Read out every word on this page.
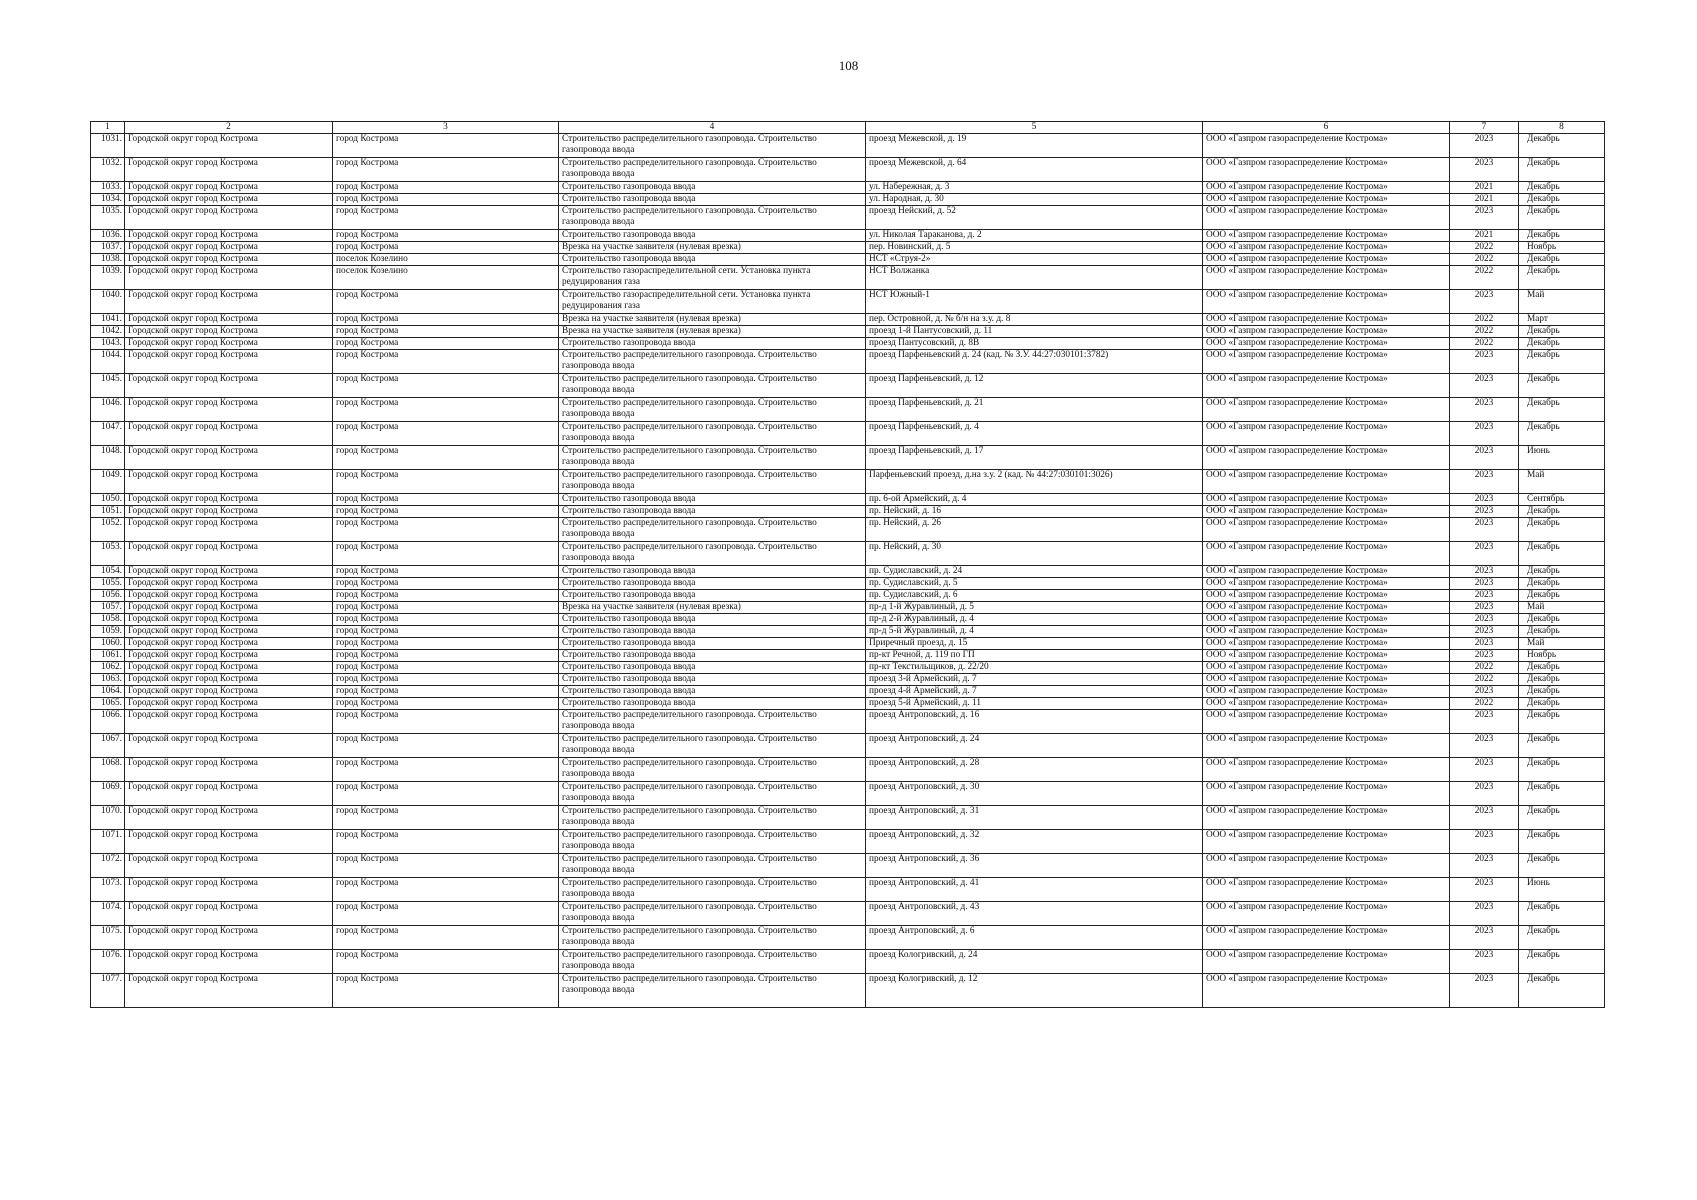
108
1	2	3	4	5	6	7	8
1031.	Городской округ город Кострома	город Кострома	Строительство распределительного газопровода. Строительство газопровода ввода	проезд Межевской, д. 19	ООО «Газпром газораспределение Кострома»	2023	Декабрь
1032.	Городской округ город Кострома	город Кострома	Строительство распределительного газопровода. Строительство газопровода ввода	проезд Межевской, д. 64	ООО «Газпром газораспределение Кострома»	2023	Декабрь
1033.	Городской округ город Кострома	город Кострома	Строительство газопровода ввода	ул. Набережная, д. 3	ООО «Газпром газораспределение Кострома»	2021	Декабрь
1034.	Городской округ город Кострома	город Кострома	Строительство газопровода ввода	ул. Народная, д. 30	ООО «Газпром газораспределение Кострома»	2021	Декабрь
1035.	Городской округ город Кострома	город Кострома	Строительство распределительного газопровода. Строительство газопровода ввода	проезд Нейский, д. 52	ООО «Газпром газораспределение Кострома»	2023	Декабрь
1036.	Городской округ город Кострома	город Кострома	Строительство газопровода ввода	ул. Николая Тараканова, д. 2	ООО «Газпром газораспределение Кострома»	2021	Декабрь
1037.	Городской округ город Кострома	город Кострома	Врезка на участке заявителя (нулевая врезка)	пер. Новинский, д. 5	ООО «Газпром газораспределение Кострома»	2022	Ноябрь
1038.	Городской округ город Кострома	поселок Козелино	Строительство газопровода ввода	НСТ «Струя-2»	ООО «Газпром газораспределение Кострома»	2022	Декабрь
1039.	Городской округ город Кострома	поселок Козелино	Строительство газораспределительной сети. Установка пункта редуцирования газа	НСТ Волжанка	ООО «Газпром газораспределение Кострома»	2022	Декабрь
1040.	Городской округ город Кострома	город Кострома	Строительство газораспределительной сети. Установка пункта редуцирования газа	НСТ Южный-1	ООО «Газпром газораспределение Кострома»	2023	Май
1041.	Городской округ город Кострома	город Кострома	Врезка на участке заявителя (нулевая врезка)	пер. Островной, д. № б/н на з.у. д. 8	ООО «Газпром газораспределение Кострома»	2022	Март
1042.	Городской округ город Кострома	город Кострома	Врезка на участке заявителя (нулевая врезка)	проезд 1-й Пантусовский, д. 11	ООО «Газпром газораспределение Кострома»	2022	Декабрь
1043.	Городской округ город Кострома	город Кострома	Строительство газопровода ввода	проезд Пантусовский, д. 8В	ООО «Газпром газораспределение Кострома»	2022	Декабрь
1044.	Городской округ город Кострома	город Кострома	Строительство распределительного газопровода. Строительство газопровода ввода	проезд Парфеньевский д. 24 (кад. № З.У. 44:27:030101:3782)	ООО «Газпром газораспределение Кострома»	2023	Декабрь
1045.	Городской округ город Кострома	город Кострома	Строительство распределительного газопровода. Строительство газопровода ввода	проезд Парфеньевский, д. 12	ООО «Газпром газораспределение Кострома»	2023	Декабрь
1046.	Городской округ город Кострома	город Кострома	Строительство распределительного газопровода. Строительство газопровода ввода	проезд Парфеньевский, д. 21	ООО «Газпром газораспределение Кострома»	2023	Декабрь
1047.	Городской округ город Кострома	город Кострома	Строительство распределительного газопровода. Строительство газопровода ввода	проезд Парфеньевский, д. 4	ООО «Газпром газораспределение Кострома»	2023	Декабрь
1048.	Городской округ город Кострома	город Кострома	Строительство распределительного газопровода. Строительство газопровода ввода	проезд Парфеньевский, д. 17	ООО «Газпром газораспределение Кострома»	2023	Июнь
1049.	Городской округ город Кострома	город Кострома	Строительство распределительного газопровода. Строительство газопровода ввода	Парфеньевский проезд, д.на з.у. 2 (кад. № 44:27:030101:3026)	ООО «Газпром газораспределение Кострома»	2023	Май
1050.	Городской округ город Кострома	город Кострома	Строительство газопровода ввода	пр. 6-ой Армейский, д. 4	ООО «Газпром газораспределение Кострома»	2023	Сентябрь
1051.	Городской округ город Кострома	город Кострома	Строительство газопровода ввода	пр. Нейский, д. 16	ООО «Газпром газораспределение Кострома»	2023	Декабрь
1052.	Городской округ город Кострома	город Кострома	Строительство распределительного газопровода. Строительство газопровода ввода	пр. Нейский, д. 26	ООО «Газпром газораспределение Кострома»	2023	Декабрь
1053.	Городской округ город Кострома	город Кострома	Строительство распределительного газопровода. Строительство газопровода ввода	пр. Нейский, д. 30	ООО «Газпром газораспределение Кострома»	2023	Декабрь
1054.	Городской округ город Кострома	город Кострома	Строительство газопровода ввода	пр. Судиславский, д. 24	ООО «Газпром газораспределение Кострома»	2023	Декабрь
1055.	Городской округ город Кострома	город Кострома	Строительство газопровода ввода	пр. Судиславский, д. 5	ООО «Газпром газораспределение Кострома»	2023	Декабрь
1056.	Городской округ город Кострома	город Кострома	Строительство газопровода ввода	пр. Судиславский, д. 6	ООО «Газпром газораспределение Кострома»	2023	Декабрь
1057.	Городской округ город Кострома	город Кострома	Врезка на участке заявителя (нулевая врезка)	пр-д 1-й Журавлиный, д. 5	ООО «Газпром газораспределение Кострома»	2023	Май
1058.	Городской округ город Кострома	город Кострома	Строительство газопровода ввода	пр-д 2-й Журавлиный, д. 4	ООО «Газпром газораспределение Кострома»	2023	Декабрь
1059.	Городской округ город Кострома	город Кострома	Строительство газопровода ввода	пр-д 5-й Журавлиный, д. 4	ООО «Газпром газораспределение Кострома»	2023	Декабрь
1060.	Городской округ город Кострома	город Кострома	Строительство газопровода ввода	Приречный проезд, д. 15	ООО «Газпром газораспределение Кострома»	2023	Май
1061.	Городской округ город Кострома	город Кострома	Строительство газопровода ввода	пр-кт Речной, д. 119 по ГП	ООО «Газпром газораспределение Кострома»	2023	Ноябрь
1062.	Городской округ город Кострома	город Кострома	Строительство газопровода ввода	пр-кт Текстильщиков, д. 22/20	ООО «Газпром газораспределение Кострома»	2022	Декабрь
1063.	Городской округ город Кострома	город Кострома	Строительство газопровода ввода	проезд 3-й Армейский, д. 7	ООО «Газпром газораспределение Кострома»	2022	Декабрь
1064.	Городской округ город Кострома	город Кострома	Строительство газопровода ввода	проезд 4-й Армейский, д. 7	ООО «Газпром газораспределение Кострома»	2023	Декабрь
1065.	Городской округ город Кострома	город Кострома	Строительство газопровода ввода	проезд 5-й Армейский, д. 11	ООО «Газпром газораспределение Кострома»	2022	Декабрь
1066.	Городской округ город Кострома	город Кострома	Строительство распределительного газопровода. Строительство газопровода ввода	проезд Антроповский, д. 16	ООО «Газпром газораспределение Кострома»	2023	Декабрь
1067.	Городской округ город Кострома	город Кострома	Строительство распределительного газопровода. Строительство газопровода ввода	проезд Антроповский, д. 24	ООО «Газпром газораспределение Кострома»	2023	Декабрь
1068.	Городской округ город Кострома	город Кострома	Строительство распределительного газопровода. Строительство газопровода ввода	проезд Антроповский, д. 28	ООО «Газпром газораспределение Кострома»	2023	Декабрь
1069.	Городской округ город Кострома	город Кострома	Строительство распределительного газопровода. Строительство газопровода ввода	проезд Антроповский, д. 30	ООО «Газпром газораспределение Кострома»	2023	Декабрь
1070.	Городской округ город Кострома	город Кострома	Строительство распределительного газопровода. Строительство газопровода ввода	проезд Антроповский, д. 31	ООО «Газпром газораспределение Кострома»	2023	Декабрь
1071.	Городской округ город Кострома	город Кострома	Строительство распределительного газопровода. Строительство газопровода ввода	проезд Антроповский, д. 32	ООО «Газпром газораспределение Кострома»	2023	Декабрь
1072.	Городской округ город Кострома	город Кострома	Строительство распределительного газопровода. Строительство газопровода ввода	проезд Антроповский, д. 36	ООО «Газпром газораспределение Кострома»	2023	Декабрь
1073.	Городской округ город Кострома	город Кострома	Строительство распределительного газопровода. Строительство газопровода ввода	проезд Антроповский, д. 41	ООО «Газпром газораспределение Кострома»	2023	Июнь
1074.	Городской округ город Кострома	город Кострома	Строительство распределительного газопровода. Строительство газопровода ввода	проезд Антроповский, д. 43	ООО «Газпром газораспределение Кострома»	2023	Декабрь
1075.	Городской округ город Кострома	город Кострома	Строительство распределительного газопровода. Строительство газопровода ввода	проезд Антроповский, д. 6	ООО «Газпром газораспределение Кострома»	2023	Декабрь
1076.	Городской округ город Кострома	город Кострома	Строительство распределительного газопровода. Строительство газопровода ввода	проезд Кологривский, д. 24	ООО «Газпром газораспределение Кострома»	2023	Декабрь
1077.	Городской округ город Кострома	город Кострома	Строительство распределительного газопровода. Строительство газопровода ввода	проезд Кологривский, д. 12	ООО «Газпром газораспределение Кострома»	2023	Декабрь
